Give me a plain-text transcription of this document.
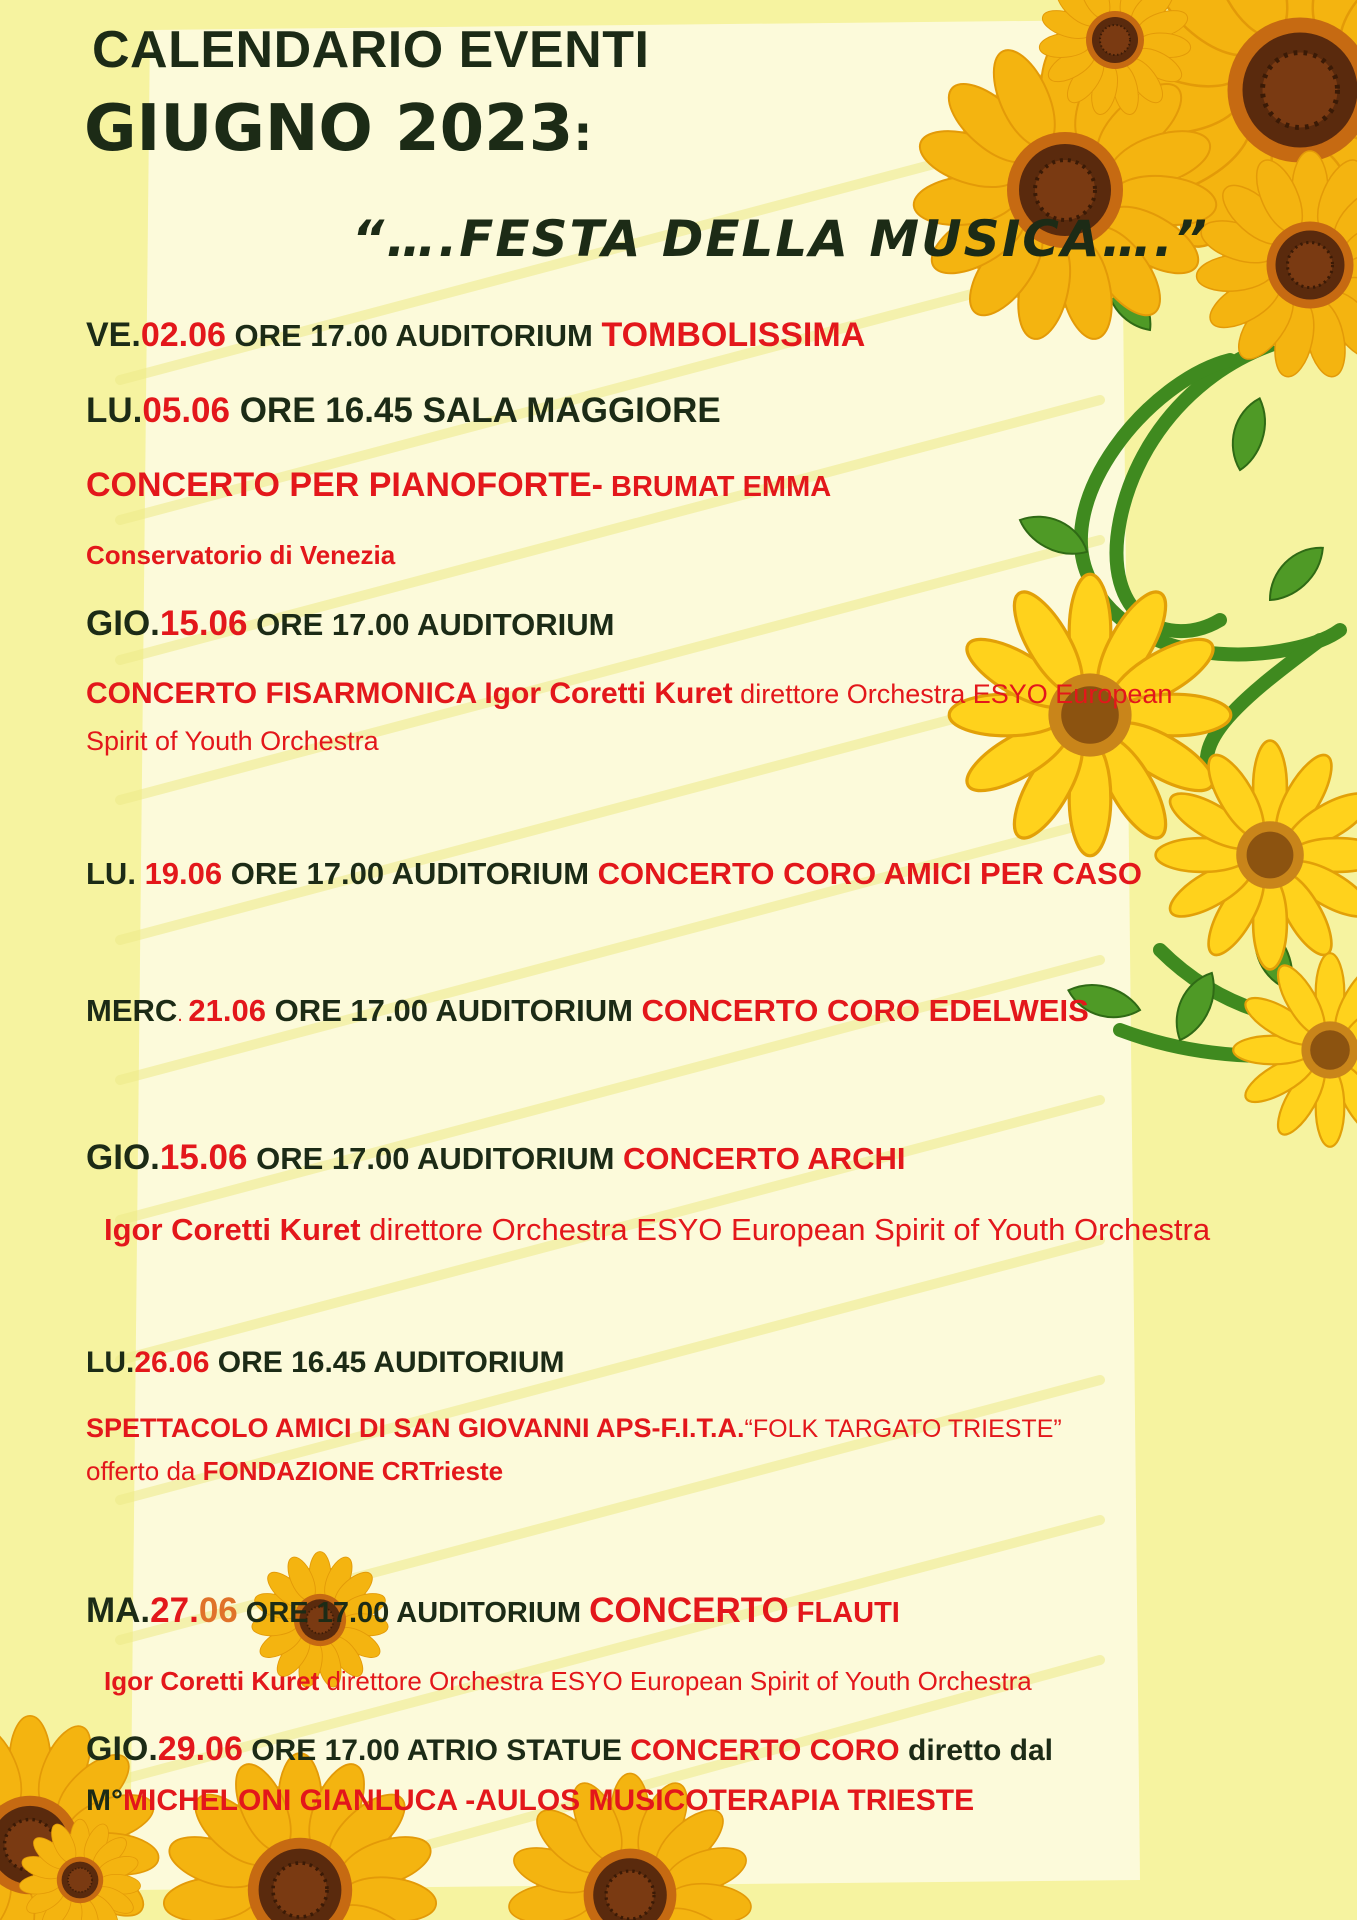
CALENDARIO EVENTI
GIUGNO 2023:
“….FESTA DELLA MUSICA….”
VE.02.06 ORE 17.00 AUDITORIUM TOMBOLISSIMA
LU.05.06 ORE 16.45 SALA MAGGIORE
CONCERTO PER PIANOFORTE- BRUMAT EMMA
Conservatorio di Venezia
GIO.15.06 ORE 17.00 AUDITORIUM
CONCERTO FISARMONICA Igor Coretti Kuret direttore Orchestra ESYO European
Spirit of Youth Orchestra
LU. 19.06 ORE 17.00 AUDITORIUM CONCERTO CORO AMICI PER CASO
MERC. 21.06 ORE 17.00 AUDITORIUM CONCERTO CORO EDELWEIS
GIO.15.06 ORE 17.00 AUDITORIUM CONCERTO ARCHI
Igor Coretti Kuret direttore Orchestra ESYO European Spirit of Youth Orchestra
LU.26.06 ORE 16.45 AUDITORIUM
SPETTACOLO AMICI DI SAN GIOVANNI APS-F.I.T.A.“FOLK TARGATO TRIESTE”
offerto da FONDAZIONE CRTrieste
MA.27.06 ORE 17.00 AUDITORIUM CONCERTO FLAUTI
Igor Coretti Kuret direttore Orchestra ESYO European Spirit of Youth Orchestra
GIO.29.06 ORE 17.00 ATRIO STATUE CONCERTO CORO diretto dal
M°MICHELONI GIANLUCA -AULOS MUSICOTERAPIA TRIESTE
